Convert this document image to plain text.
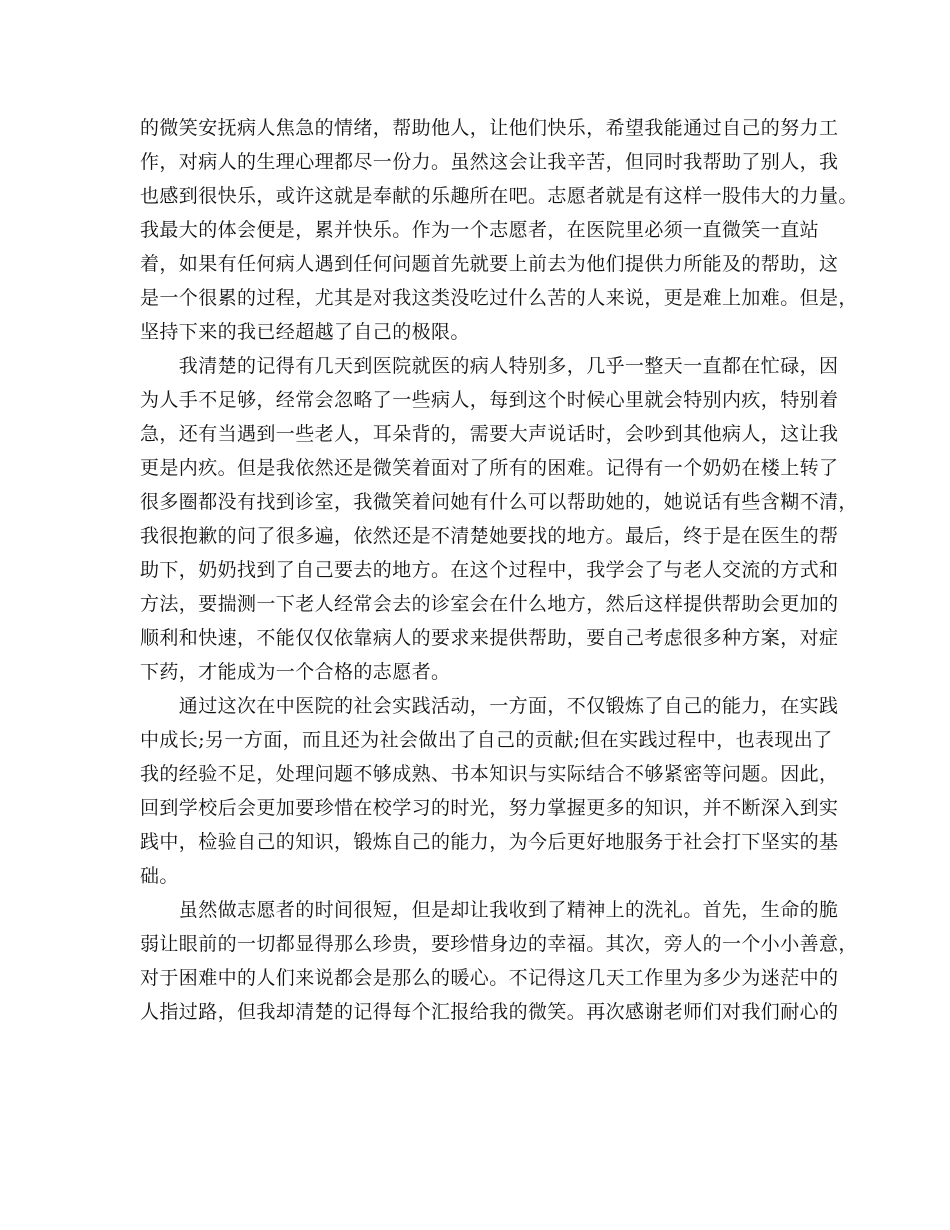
的微笑安抚病人焦急的情绪，帮助他人，让他们快乐，希望我能通过自己的努力工
作，对病人的生理心理都尽一份力。虽然这会让我辛苦，但同时我帮助了别人，我
也感到很快乐，或许这就是奉献的乐趣所在吧。志愿者就是有这样一股伟大的力量。
我最大的体会便是，累并快乐。作为一个志愿者，在医院里必须一直微笑一直站
着，如果有任何病人遇到任何问题首先就要上前去为他们提供力所能及的帮助，这
是一个很累的过程，尤其是对我这类没吃过什么苦的人来说，更是难上加难。但是，
坚持下来的我已经超越了自己的极限。
　　我清楚的记得有几天到医院就医的病人特别多，几乎一整天一直都在忙碌，因
为人手不足够，经常会忽略了一些病人，每到这个时候心里就会特别内疚，特别着
急，还有当遇到一些老人，耳朵背的，需要大声说话时，会吵到其他病人，这让我
更是内疚。但是我依然还是微笑着面对了所有的困难。记得有一个奶奶在楼上转了
很多圈都没有找到诊室，我微笑着问她有什么可以帮助她的，她说话有些含糊不清，
我很抱歉的问了很多遍，依然还是不清楚她要找的地方。最后，终于是在医生的帮
助下，奶奶找到了自己要去的地方。在这个过程中，我学会了与老人交流的方式和
方法，要揣测一下老人经常会去的诊室会在什么地方，然后这样提供帮助会更加的
顺利和快速，不能仅仅依靠病人的要求来提供帮助，要自己考虑很多种方案，对症
下药，才能成为一个合格的志愿者。
　　通过这次在中医院的社会实践活动，一方面，不仅锻炼了自己的能力，在实践
中成长;另一方面，而且还为社会做出了自己的贡献;但在实践过程中，也表现出了
我的经验不足，处理问题不够成熟、书本知识与实际结合不够紧密等问题。因此，
回到学校后会更加要珍惜在校学习的时光，努力掌握更多的知识，并不断深入到实
践中，检验自己的知识，锻炼自己的能力，为今后更好地服务于社会打下坚实的基
础。
　　虽然做志愿者的时间很短，但是却让我收到了精神上的洗礼。首先，生命的脆
弱让眼前的一切都显得那么珍贵，要珍惜身边的幸福。其次，旁人的一个小小善意，
对于困难中的人们来说都会是那么的暖心。不记得这几天工作里为多少为迷茫中的
人指过路，但我却清楚的记得每个汇报给我的微笑。再次感谢老师们对我们耐心的
